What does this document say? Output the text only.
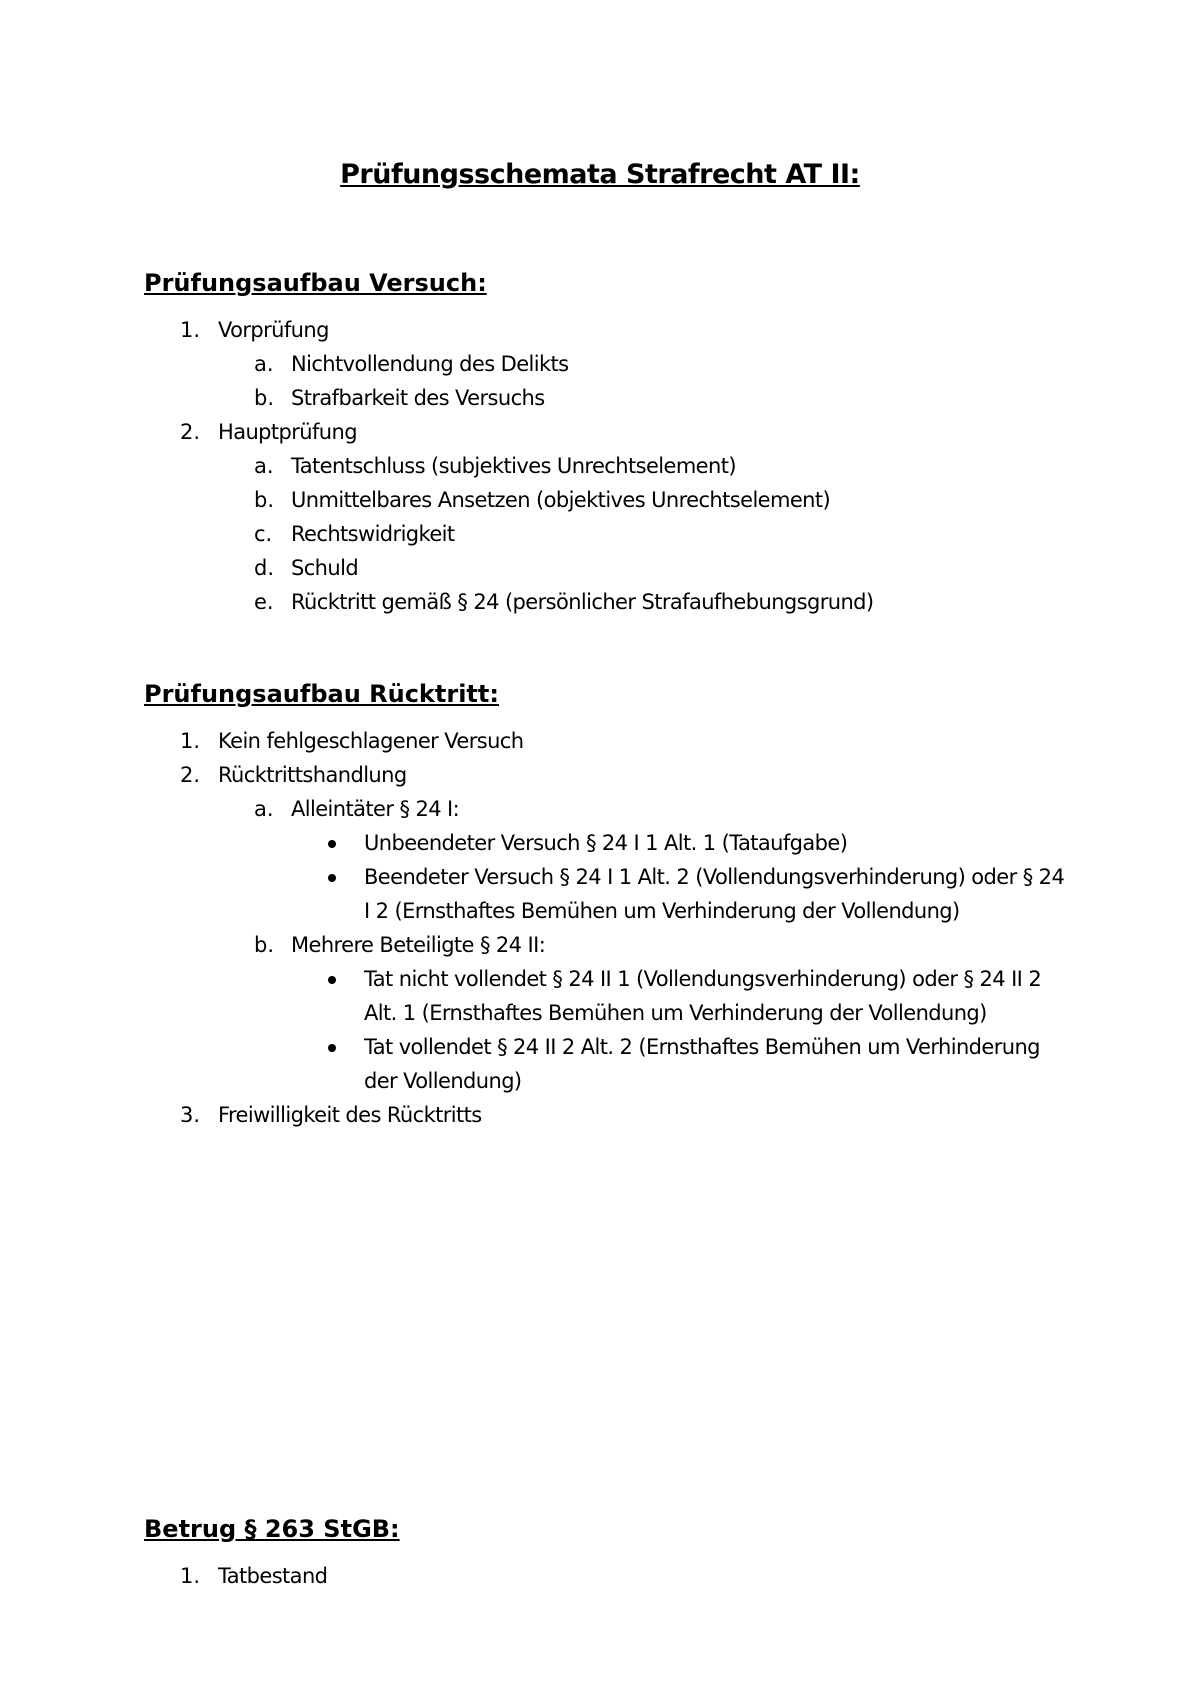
Prüfungsschemata Strafrecht AT II:
Prüfungsaufbau Versuch:
1. Vorprüfung
a. Nichtvollendung des Delikts
b. Strafbarkeit des Versuchs
2. Hauptprüfung
a. Tatentschluss (subjektives Unrechtselement)
b. Unmittelbares Ansetzen (objektives Unrechtselement)
c. Rechtswidrigkeit
d. Schuld
e. Rücktritt gemäß § 24 (persönlicher Strafaufhebungsgrund)
Prüfungsaufbau Rücktritt:
1. Kein fehlgeschlagener Versuch
2. Rücktrittshandlung
a. Alleintäter § 24 I:
Unbeendeter Versuch § 24 I 1 Alt. 1 (Tataufgabe)
Beendeter Versuch § 24 I 1 Alt. 2 (Vollendungsverhinderung) oder § 24
I 2 (Ernsthaftes Bemühen um Verhinderung der Vollendung)
b. Mehrere Beteiligte § 24 II:
Tat nicht vollendet § 24 II 1 (Vollendungsverhinderung) oder § 24 II 2
Alt. 1 (Ernsthaftes Bemühen um Verhinderung der Vollendung)
Tat vollendet § 24 II 2 Alt. 2 (Ernsthaftes Bemühen um Verhinderung
der Vollendung)
3. Freiwilligkeit des Rücktritts
Betrug § 263 StGB:
1. Tatbestand
